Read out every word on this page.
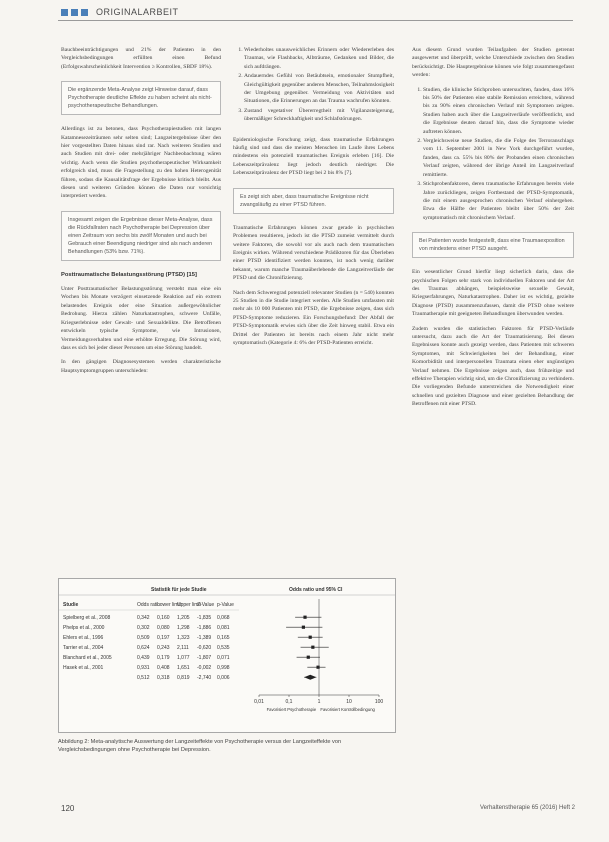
ORIGINALARBEIT

Bauchbeeinträchtigungen und 21% der Patienten in den Vergleichsbedingungen erfüllten einen Befund (Erfolgswahrscheinlichkeit Intervention ≥ Kontrollen, SBDF 18%).

Die ergänzende Meta-Analyse zeigt Hinweise darauf, dass Psychotherapie deutliche Effekte zu haben scheint als nicht-psychotherapeutische Behandlungen.

Allerdings ist zu betonen, dass Psychotherapiestudien mit langen Katamnesezeiträumen sehr selten sind; Langzeitergebnisse über den hier vorgestellten Daten hinaus sind rar. Nach weiteren Studien und auch Studien mit drei- oder mehrjähriger Nachbeobachtung wären wichtig. Auch wenn die Studien psychotherapeutischer Wirksamkeit erfolgreich sind, muss die Fragestellung zu den hohen Heterogenität führen, sodass die Kausalitätsfrage der Ergebnisse kritisch bleibt. Aus diesen und weiteren Gründen können die Daten nur vorsichtig interpretiert werden.

Insgesamt zeigen die Ergebnisse dieser Meta-Analyse, dass die Rückfallraten nach Psychotherapie bei Depression über einen Zeitraum von sechs bis zwölf Monaten und auch bei Gebrauch einer Beendigung niedriger sind als nach anderen Behandlungen (53% bzw. 71%).

Posttraumatische Belastungsstörung (PTSD) [15]

Unter Posttraumatischer Belastungsstörung versteht man eine ein Wochen bis Monate verzögert einsetzende Reaktion auf ein extrem belastendes Ereignis oder eine Situation außergewöhnlicher Bedrohung. Hierzu zählen Naturkatastrophen, schwere Unfälle, Kriegserlebnisse oder Gewalt- und Sexualdelikte. Die Betroffenen entwickeln typische Symptome, wie Intrusionen, Vermeidungsverhalten und eine erhöhte Erregung. Die Störung wird, dass es sich bei jeder dieser Personen um eine Störung handelt.

In den gängigen Diagnosesystemen werden charakteristische Hauptsymptomgruppen unterschieden:

1. Wiederholtes unausweichliches Erinnern oder Wiedererleben des Traumas, wie Flashbacks, Albträume, Gedanken und Bilder, die sich aufdrängen.
2. Andauerndes Gefühl von Betäubtsein, emotionaler Stumpfheit, Gleichgültigkeit gegenüber anderen Menschen, Teilnahmslosigkeit der Umgebung gegenüber. Vermeidung von Aktivitäten und Situationen, die Erinnerungen an das Trauma wachrufen könnten.
3. Zustand vegetativer Übererregtheit mit Vigilanzsteigerung, übermäßiger Schreckhaftigkeit und Schlafstörungen.

Epidemiologische Forschung zeigt, dass traumatische Erfahrungen häufig sind und dass die meisten Menschen im Laufe ihres Lebens mindestens ein potenziell traumatisches Ereignis erleben [16]. Die Lebenszeitprävalenz liegt jedoch deutlich niedriger. Die Lebenszeitprävalenz der PTSD liegt bei 2 bis 8% [7].

Es zeigt sich aber, dass traumatische Ereignisse nicht zwangsläufig zu einer PTSD führen.

Traumatische Erfahrungen können zwar gerade in psychischen Problemen resultieren, jedoch ist die PTSD zumeist vermittelt durch weitere Faktoren, die sowohl vor als auch nach dem traumatischen Ereignis wirken. Während verschiedene Prädiktoren für das Überleben einer PTSD identifiziert werden konnten, ist noch wenig darüber bekannt, warum manche Traumaüberlebende die Langzeitverläufe der PTSD und die Chronifizierung.

Nach dem Schweregrad potenziell relevanter Studien (n = 540) konnten 25 Studien in die Studie integriert werden. Alle Studien umfassten mit mehr als 10 000 Patienten mit PTSD, die Ergebnisse zeigen, dass sich PTSD-Symptome reduzieren. Ein Forschungsbefund: Der Abfall der PTSD-Symptomatik erwies sich über die Zeit hinweg stabil. Etwa ein Drittel der Patienten ist bereits nach einem Jahr nicht mehr symptomatisch (Kategorie 4: 6% der PTSD-Patienten erreicht.

Aus diesem Grund wurden Teilaufgaben der Studien getrennt ausgewertet und überprüft, welche Unterschiede zwischen den Studien berücksichtigt. Die Hauptergebnisse können wie folgt zusammengefasst werden:

1. Studien, die klinische Stichproben untersuchten, fanden, dass 16% bis 50% der Patienten eine stabile Remission erreichten, während bis zu 90% einen chronischen Verlauf mit Symptomen zeigten. Studien haben auch über die Langzeitverläufe veröffentlicht, und die Ergebnisse deuten darauf hin, dass die Symptome wieder auftreten können.
2. Vergleichsweise neue Studien, die die Folge des Terroranschlags vom 11. September 2001 in New York durchgeführt wurden, fanden, dass ca. 55% bis 80% der Probanden einen chronischen Verlauf zeigten, während der übrige Anteil im Langzeitverlauf remittierte.
3. Stichprobenfaktoren, deren traumatische Erfahrungen bereits viele Jahre zurückliegen, zeigen Fortbestand der PTSD-Symptomatik, die mit einem ausgesprochen chronischen Verlauf einhergehen. Etwa die Hälfte der Patienten bleibt über 50% der Zeit symptomatisch mit chronischem Verlauf.

Bei Patienten wurde festgestellt, dass eine Traumaexposition von mindestens einer PTSD ausgeht.

Ein wesentlicher Grund hierfür liegt sicherlich darin, dass die psychischen Folgen sehr stark von individuellen Faktoren und der Art des Traumas abhängen, beispielsweise sexuelle Gewalt, Kriegserfahrungen, Naturkatastrophen. Daher ist es wichtig, gezielte Diagnose (PTSD) zusammenzufassen, damit die PTSD ohne weitere Traumatherapie mit geeigneten Behandlungen überwunden werden.

Zudem wurden die statistischen Faktoren für PTSD-Verläufe untersucht, dazu auch die Art der Traumatisierung. Bei diesen Ergebnissen konnte auch gezeigt werden, dass Patienten mit schweren Symptomen, mit Schwierigkeiten bei der Behandlung, einer Komorbidität und interpersonellen Traumata einen eher ungünstigen Verlauf nehmen. Die Ergebnisse zeigen auch, dass frühzeitige und effektive Therapien wichtig sind, um die Chronifizierung zu verhindern. Die vorliegenden Befunde unterstreichen die Notwendigkeit einer schnellen und gezielten Diagnose und einer gezielten Behandlung der Betroffenen mit einer PTSD.

Statistik für jede Studie	Odds ratio und 95% CI
Studie	Odds ratio
Lower limit
Upper limit
Z-Value p-Value
Spielberg et al., 2008	0,342 0,160 1,205 -1,835 0,068
Phelps et al., 2000	0,302 0,080 1,298 -1,886 0,081
Ehlers et al., 1996	0,509 0,197 1,323 -1,389 0,165
Tarrier et al., 2004	0,624 0,243 2,111 -0,620 0,535
Blanchard et al., 2005	0,439 0,179 1,077 -1,807 0,071
Hasek et al., 2001	0,931 0,408 1,651 -0,002 0,998
0,512 0,318 0,819 -2,740 0,006
0,01	0,1	1	10	100
Favorisiert Psychotherapie Favorisiert Kontrollbedingung
Abbildung 2: Meta-analytische Auswertung der Langzeiteffekte von Psychotherapie versus der Langzeiteffekte von Vergleichsbedingungen ohne Psychotherapie bei Depression.
120	Verhaltenstherapie 65 (2016) Heft 2
